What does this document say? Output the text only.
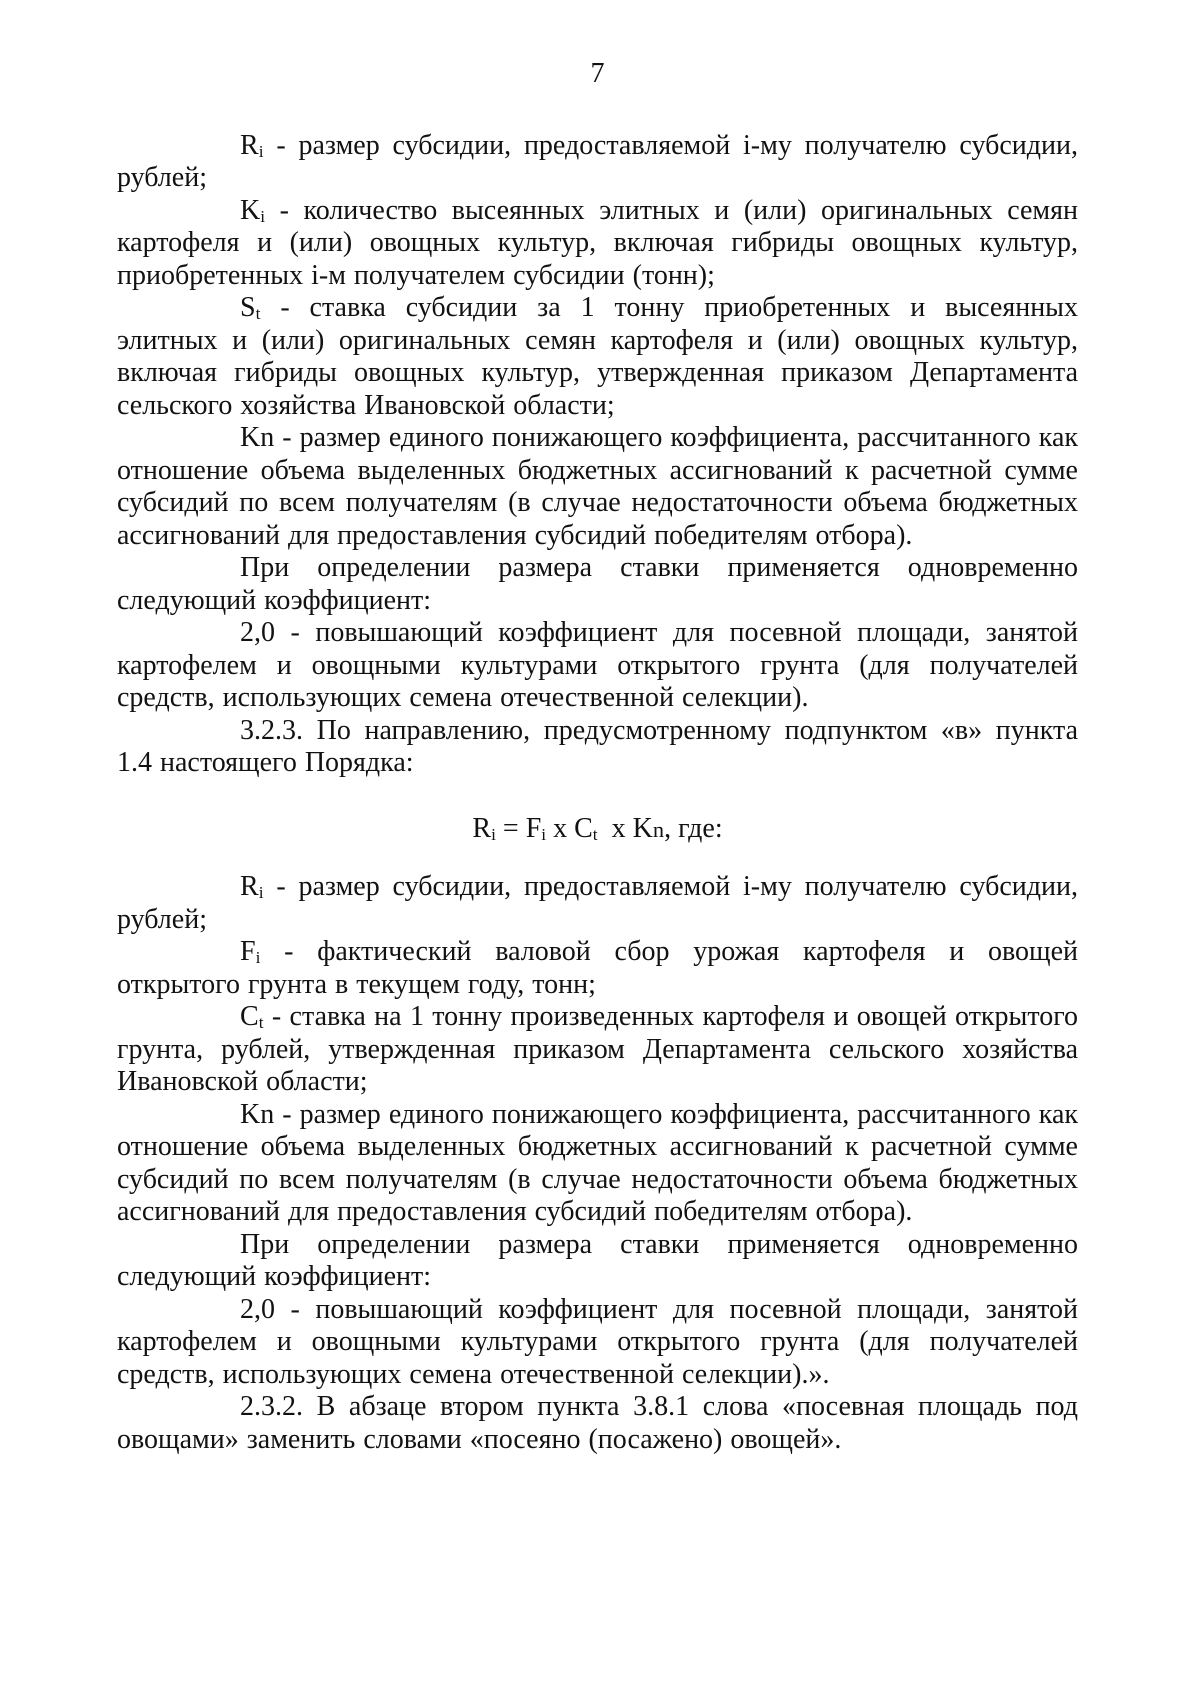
7

$R_i$ - размер субсидии, предоставляемой i-му получателю субсидии, рублей;

$K_i$ - количество высеянных элитных и (или) оригинальных семян картофеля и (или) овощных культур, включая гибриды овощных культур, приобретенных i-м получателем субсидии (тонн);

$S_t$ - ставка субсидии за 1 тонну приобретенных и высеянных элитных и (или) оригинальных семян картофеля и (или) овощных культур, включая гибриды овощных культур, утвержденная приказом Департамента сельского хозяйства Ивановской области;

Kn - размер единого понижающего коэффициента, рассчитанного как отношение объема выделенных бюджетных ассигнований к расчетной сумме субсидий по всем получателям (в случае недостаточности объема бюджетных ассигнований для предоставления субсидий победителям отбора).

При определении размера ставки применяется одновременно следующий коэффициент:

2,0 - повышающий коэффициент для посевной площади, занятой картофелем и овощными культурами открытого грунта (для получателей средств, использующих семена отечественной селекции).

3.2.3. По направлению, предусмотренному подпунктом «в» пункта 1.4 настоящего Порядка:

$R_i = F_i$ x $C_t$  x Kn, где:

$R_i$ - размер субсидии, предоставляемой i-му получателю субсидии, рублей;

$F_i$ - фактический валовой сбор урожая картофеля и овощей открытого грунта в текущем году, тонн;

$C_t$ - ставка на 1 тонну произведенных картофеля и овощей открытого грунта, рублей, утвержденная приказом Департамента сельского хозяйства Ивановской области;

Kn - размер единого понижающего коэффициента, рассчитанного как отношение объема выделенных бюджетных ассигнований к расчетной сумме субсидий по всем получателям (в случае недостаточности объема бюджетных ассигнований для предоставления субсидий победителям отбора).

При определении размера ставки применяется одновременно следующий коэффициент:

2,0 - повышающий коэффициент для посевной площади, занятой картофелем и овощными культурами открытого грунта (для получателей средств, использующих семена отечественной селекции).».

2.3.2. В абзаце втором пункта 3.8.1 слова «посевная площадь под овощами» заменить словами «посеяно (посажено) овощей».
